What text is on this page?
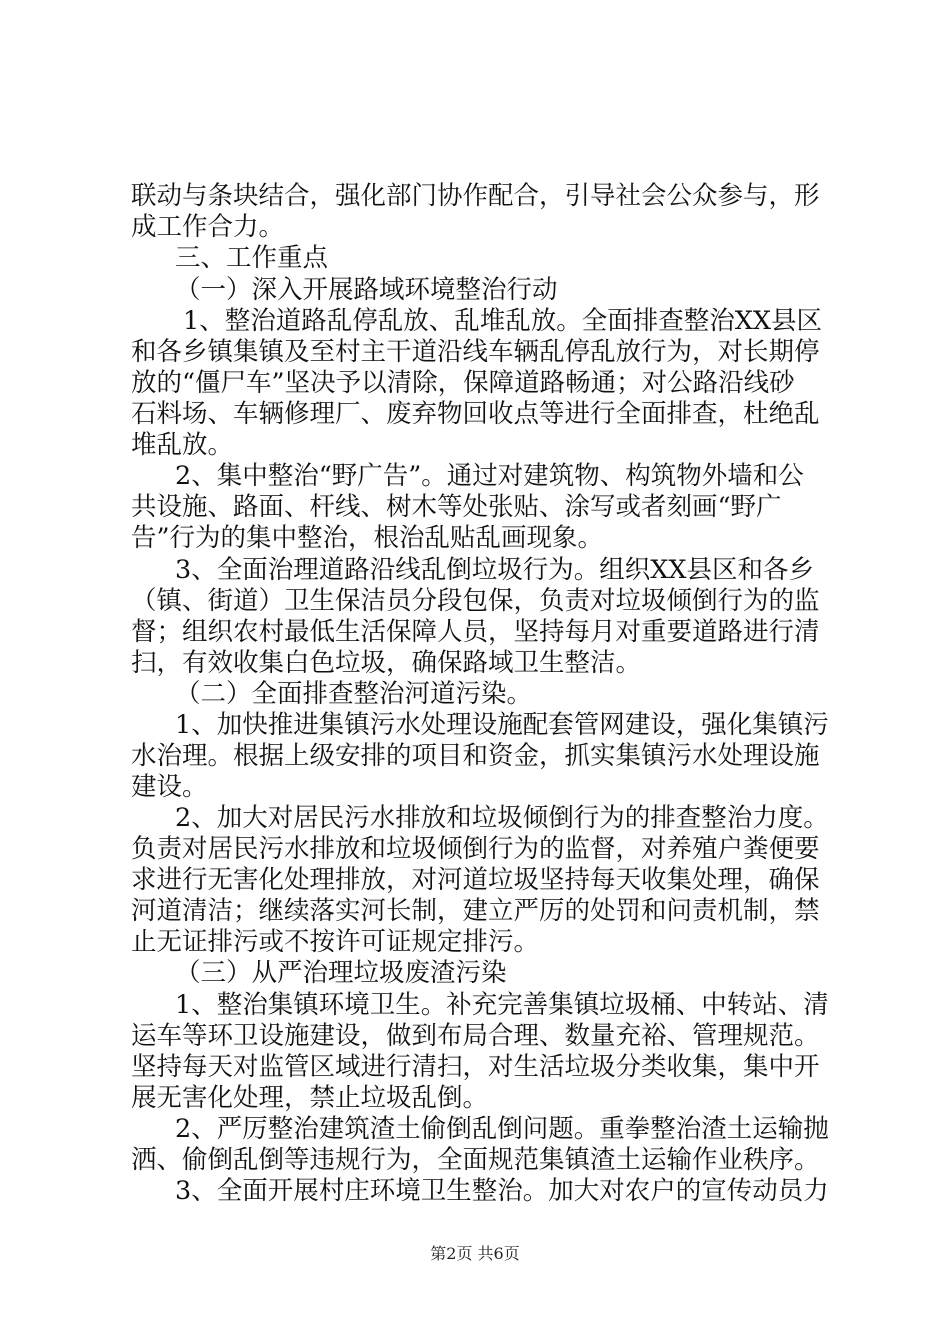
联动与条块结合，强化部门协作配合，引导社会公众参与，形
成工作合力。
三、工作重点
（一）深入开展路域环境整治行动
1、整治道路乱停乱放、乱堆乱放。全面排查整治XX县区
和各乡镇集镇及至村主干道沿线车辆乱停乱放行为，对长期停
放的“僵尸车”坚决予以清除，保障道路畅通；对公路沿线砂
石料场、车辆修理厂、废弃物回收点等进行全面排查，杜绝乱
堆乱放。
2、集中整治“野广告”。通过对建筑物、构筑物外墙和公
共设施、路面、杆线、树木等处张贴、涂写或者刻画“野广
告”行为的集中整治，根治乱贴乱画现象。
3、全面治理道路沿线乱倒垃圾行为。组织XX县区和各乡
（镇、街道）卫生保洁员分段包保，负责对垃圾倾倒行为的监
督；组织农村最低生活保障人员，坚持每月对重要道路进行清
扫，有效收集白色垃圾，确保路域卫生整洁。
（二）全面排查整治河道污染。
1、加快推进集镇污水处理设施配套管网建设，强化集镇污
水治理。根据上级安排的项目和资金，抓实集镇污水处理设施
建设。
2、加大对居民污水排放和垃圾倾倒行为的排查整治力度。
负责对居民污水排放和垃圾倾倒行为的监督，对养殖户粪便要
求进行无害化处理排放，对河道垃圾坚持每天收集处理，确保
河道清洁；继续落实河长制，建立严厉的处罚和问责机制，禁
止无证排污或不按许可证规定排污。
（三）从严治理垃圾废渣污染
1、整治集镇环境卫生。补充完善集镇垃圾桶、中转站、清
运车等环卫设施建设，做到布局合理、数量充裕、管理规范。
坚持每天对监管区域进行清扫，对生活垃圾分类收集，集中开
展无害化处理，禁止垃圾乱倒。
2、严厉整治建筑渣土偷倒乱倒问题。重拳整治渣土运输抛
洒、偷倒乱倒等违规行为，全面规范集镇渣土运输作业秩序。
3、全面开展村庄环境卫生整治。加大对农户的宣传动员力
第2页 共6页
